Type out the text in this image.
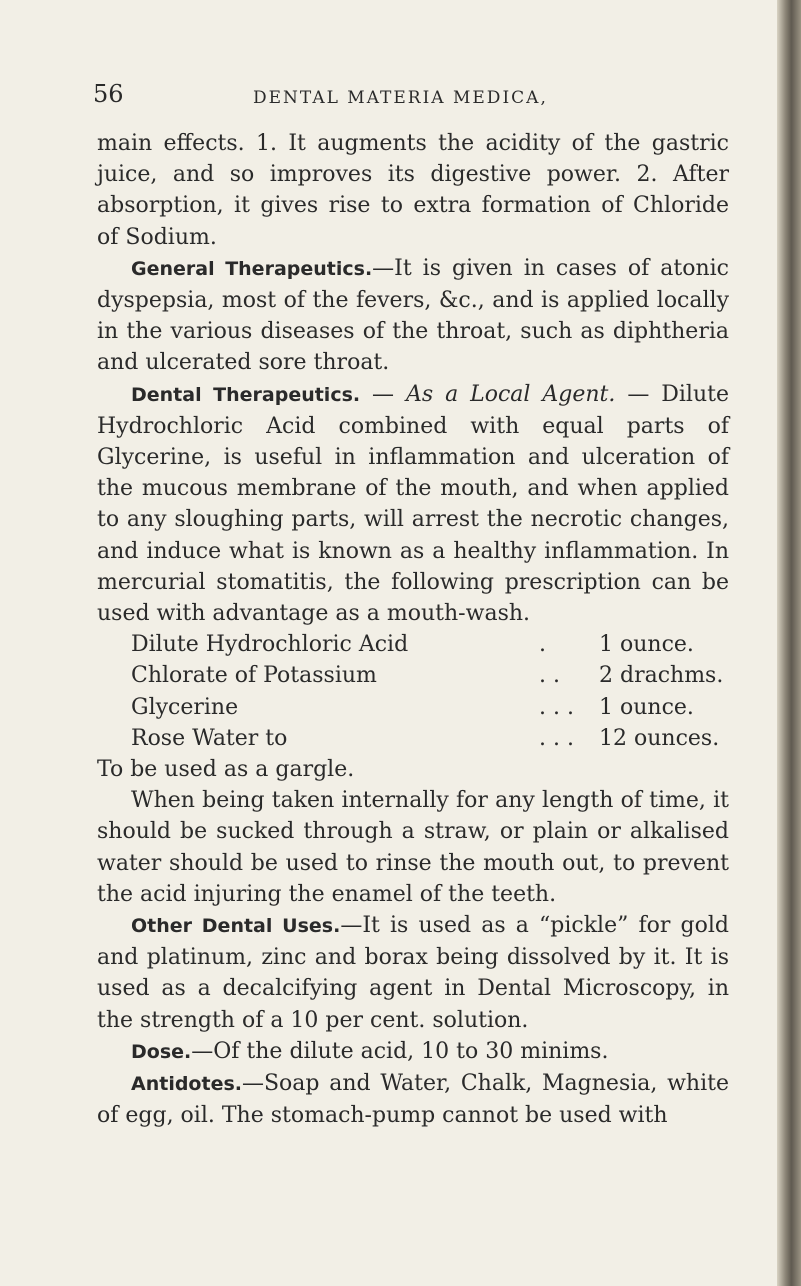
56	DENTAL MATERIA MEDICA,

main effects. 1. It augments the acidity of the gastric juice, and so improves its digestive power. 2. After absorption, it gives rise to extra formation of Chloride of Sodium.

General Therapeutics.—It is given in cases of atonic dyspepsia, most of the fevers, &c., and is applied locally in the various diseases of the throat, such as diphtheria and ulcerated sore throat.

Dental Therapeutics. — As a Local Agent. — Dilute Hydrochloric Acid combined with equal parts of Glycerine, is useful in inflammation and ulceration of the mucous membrane of the mouth, and when applied to any sloughing parts, will arrest the necrotic changes, and induce what is known as a healthy inflammation. In mercurial stomatitis, the following prescription can be used with advantage as a mouth-wash.

Dilute Hydrochloric Acid	.	1 ounce.
Chlorate of Potassium	. .	2 drachms.
Glycerine	. . .	1 ounce.
Rose Water to	. . .	12 ounces.

To be used as a gargle.

When being taken internally for any length of time, it should be sucked through a straw, or plain or alkalised water should be used to rinse the mouth out, to prevent the acid injuring the enamel of the teeth.

Other Dental Uses.—It is used as a “pickle” for gold and platinum, zinc and borax being dissolved by it. It is used as a decalcifying agent in Dental Microscopy, in the strength of a 10 per cent. solution.

Dose.—Of the dilute acid, 10 to 30 minims.

Antidotes.—Soap and Water, Chalk, Magnesia, white of egg, oil. The stomach-pump cannot be used with
